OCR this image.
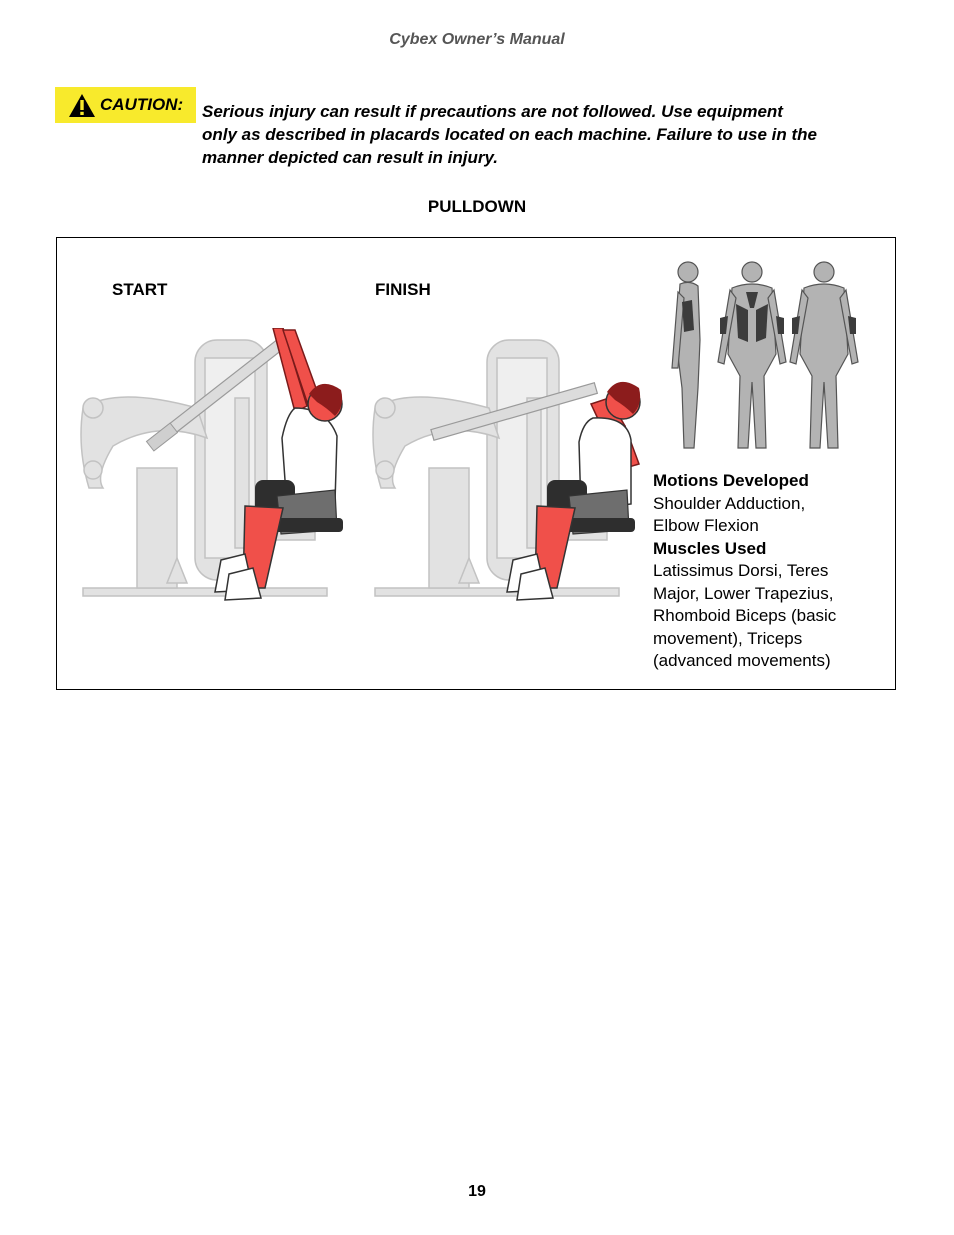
Cybex Owner’s Manual
CAUTION: Serious injury can result if precautions are not followed. Use equipment
only as described in placards located on each machine. Failure to use in the
manner depicted can result in injury.
PULLDOWN
START	FINISH
Motions Developed
Shoulder Adduction,
Elbow Flexion
Muscles Used
Latissimus Dorsi, Teres
Major, Lower Trapezius,
Rhomboid Biceps (basic
movement), Triceps
(advanced movements)
19
